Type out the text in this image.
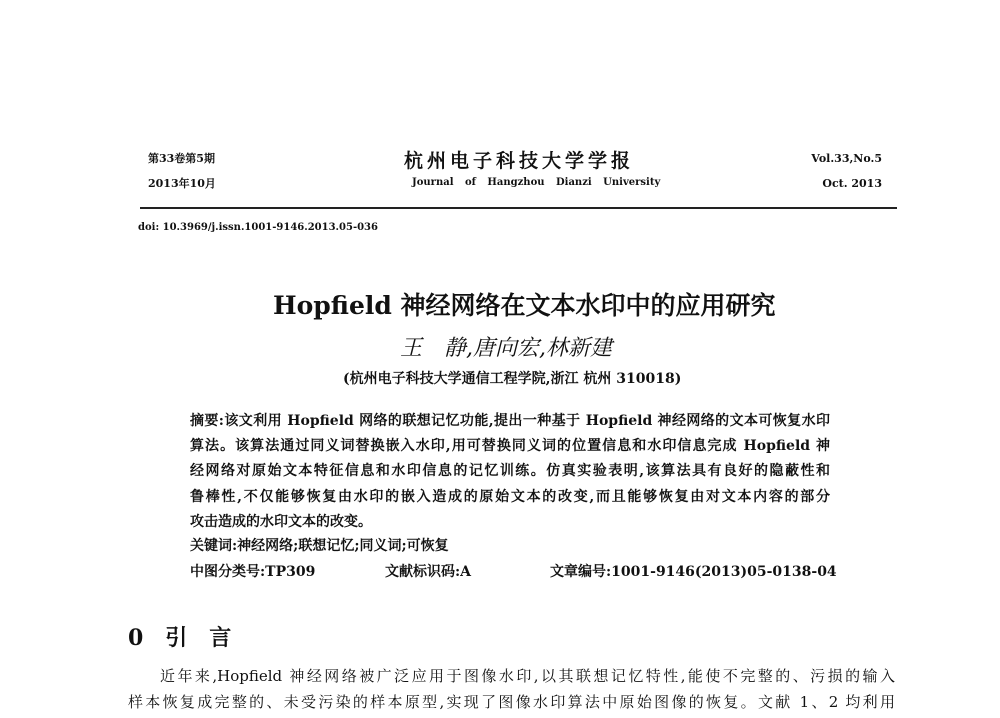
第33卷第5期
2013年10月
杭州电子科技大学学报
Journal of Hangzhou Dianzi University
Vol.33,No.5
Oct. 2013
doi: 10.3969/j.issn.1001-9146.2013.05-036
Hopfield 神经网络在文本水印中的应用研究
王　静,唐向宏,林新建
(杭州电子科技大学通信工程学院,浙江 杭州 310018)
摘要:该文利用 Hopfield 网络的联想记忆功能,提出一种基于 Hopfield 神经网络的文本可恢复水印
算法。该算法通过同义词替换嵌入水印,用可替换同义词的位置信息和水印信息完成 Hopfield 神
经网络对原始文本特征信息和水印信息的记忆训练。仿真实验表明,该算法具有良好的隐蔽性和
鲁棒性,不仅能够恢复由水印的嵌入造成的原始文本的改变,而且能够恢复由对文本内容的部分
攻击造成的水印文本的改变。
关键词:神经网络;联想记忆;同义词;可恢复
中图分类号:TP309	文献标识码:A	文章编号:1001-9146(2013)05-0138-04
0　引　言
近年来,Hopfield 神经网络被广泛应用于图像水印,以其联想记忆特性,能使不完整的、污损的输入
样本恢复成完整的、未受污染的样本原型,实现了图像水印算法中原始图像的恢复。文献 1、2 均利用
